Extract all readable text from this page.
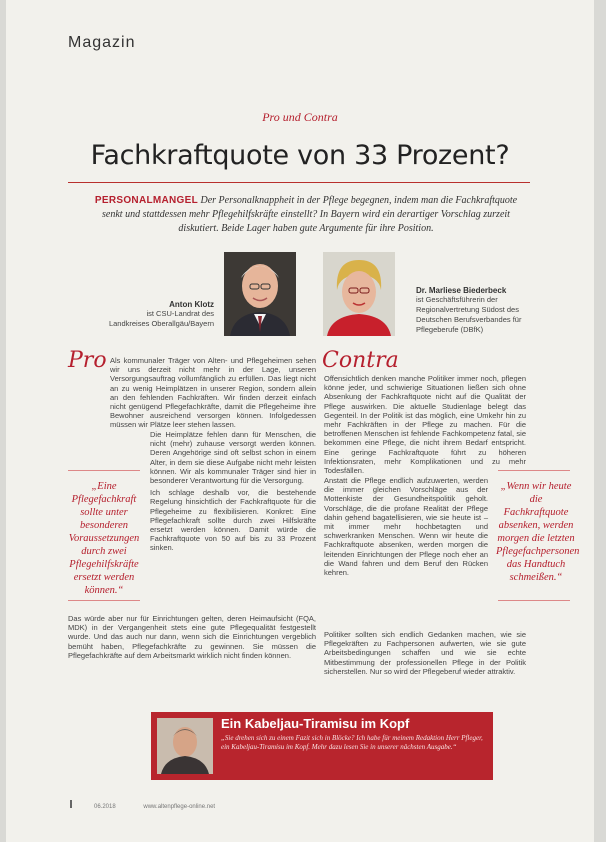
Magazin
Pro und Contra
Fachkraftquote von 33 Prozent?
PERSONALMANGEL Der Personalknappheit in der Pflege begegnen, indem man die Fachkraftquote senkt und stattdessen mehr Pflegehilfskräfte einstellt? In Bayern wird ein derartiger Vorschlag zurzeit diskutiert. Beide Lager haben gute Argumente für ihre Position.
Anton Klotz
ist CSU-Landrat des Landkreises Oberallgäu/Bayern
Dr. Marliese Biederbeck
ist Geschäftsführerin der Regionalvertretung Südost des Deutschen Berufsverbandes für Pflegeberufe (DBfK)
Pro Als kommunaler Träger von Alten- und Pflegeheimen sehen wir uns derzeit nicht mehr in der Lage, unseren Versorgungsauftrag vollumfänglich zu erfüllen. Das liegt nicht an zu wenig Heimplätzen in unserer Region, sondern allein an den fehlenden Fachkräften. Wir finden derzeit einfach nicht genügend Pflegefachkräfte, damit die Pflegeheime ihre Bewohner ausreichend versorgen können. Infolgedessen müssen wir Plätze leer stehen lassen.

Die Heimplätze fehlen dann für Menschen, die nicht (mehr) zuhause versorgt werden können. Deren Angehörige sind oft selbst schon in einem Alter, in dem sie diese Aufgabe nicht mehr leisten können. Wir als kommunaler Träger sind hier in besonderer Verantwortung für die Versorgung.

Ich schlage deshalb vor, die bestehende Regelung hinsichtlich der Fachkraftquote für die Pflegeheime zu flexibilisieren. Konkret: Eine Pflegefachkraft sollte durch zwei Hilfskräfte ersetzt werden können. Damit würde die Fachkraftquote von 50 auf bis zu 33 Prozent sinken.

„Eine Pflegefachkraft sollte unter besonderen Voraussetzungen durch zwei Pflegehilfskräfte ersetzt werden können.“

Das würde aber nur für Einrichtungen gelten, deren Heimaufsicht (FQA, MDK) in der Vergangenheit stets eine gute Pflegequalität festgestellt wurde. Und das auch nur dann, wenn sich die Einrichtungen vergeblich bemüht haben, Pflegefachkräfte zu gewinnen. Sie müssen die Pflegefachkräfte auf dem Arbeitsmarkt wirklich nicht finden können.

Contra

Offensichtlich denken manche Politiker immer noch, pflegen könne jeder, und schwierige Situationen ließen sich ohne Absenkung der Fachkraftquote nicht auf die Qualität der Pflege auswirken. Die aktuelle Studienlage belegt das Gegenteil. In der Politik ist das möglich, eine Umkehr hin zu mehr Fachkräften in der Pflege zu machen. Für die betroffenen Menschen ist fehlende Fachkompetenz fatal, sie bekommen eine Pflege, die nicht ihrem Bedarf entspricht. Eine geringe Fachkraftquote führt zu höheren Infektionsraten, mehr Komplikationen und zu mehr Todesfällen.

Anstatt die Pflege endlich aufzuwerten, werden die immer gleichen Vorschläge aus der Mottenkiste der Gesundheitspolitik geholt. Vorschläge, die die profane Realität der Pflege dahin gehend bagatellisieren, wie sie heute ist – mit immer mehr hochbetagten und schwerkranken Menschen. Wenn wir heute die Fachkraftquote absenken, werden morgen die leitenden Einrichtungen der Pflege noch eher an die Wand fahren und dem Beruf den Rücken kehren.

„Wenn wir heute die Fachkraftquote absenken, werden morgen die letzten Pflegefachpersonen das Handtuch schmeißen.“

Politiker sollten sich endlich Gedanken machen, wie sie Pflegekräften zu Fachpersonen aufwerten, wie sie gute Arbeitsbedingungen schaffen und wie sie echte Mitbestimmung der professionellen Pflege in der Politik sicherstellen. Nur so wird der Pflegeberuf wieder attraktiv.

Ein Kabeljau-Tiramisu im Kopf
„Sie drehen sich zu einem Fazit sich in Blöcke? Ich habe für meinem Redaktion Herr Pfleger, ein Kabeljau-Tiramisu im Kopf. Mehr dazu lesen Sie in unserer nächsten Ausgabe.“
06.2018	www.altenpflege-online.net
